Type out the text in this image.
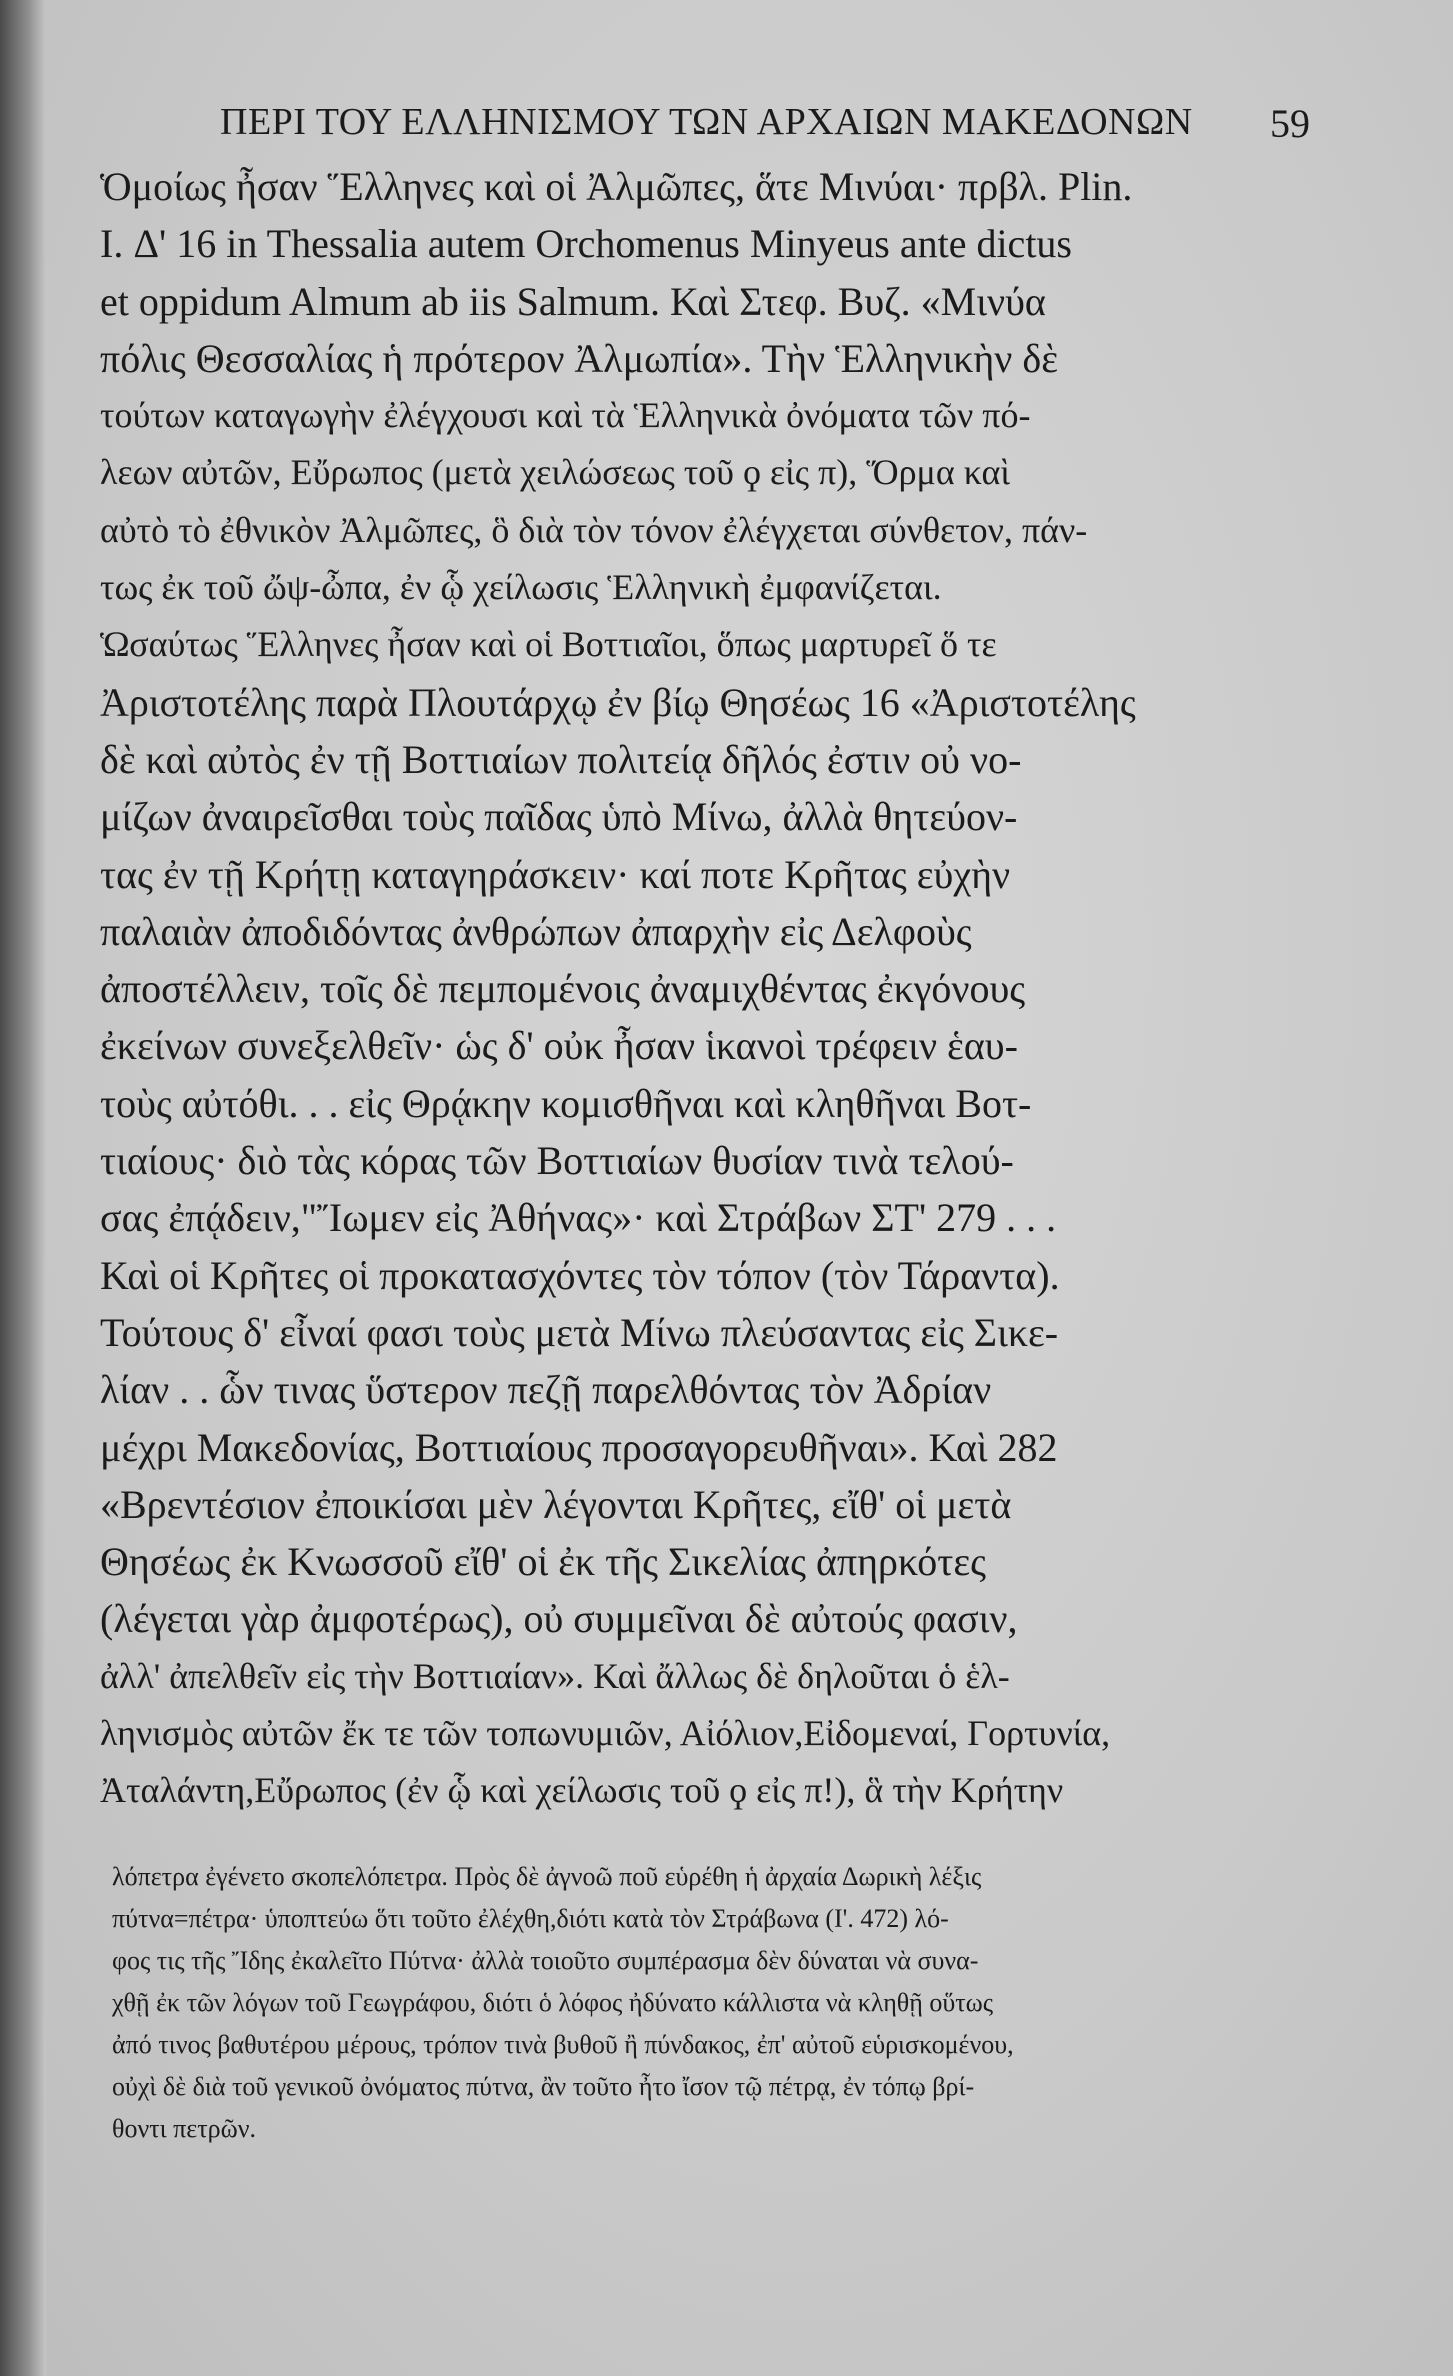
ΠΕΡΙ ΤΟΥ ΕΛΛΗΝΙΣΜΟΥ ΤΩΝ ΑΡΧΑΙΩΝ ΜΑΚΕΔΟΝΩΝ 59
Ὁμοίως ἦσαν Ἕλληνες καὶ οἱ Ἀλμῶπες, ἅτε Μινύαι· πρβλ. Plin.
I. Δ' 16 in Thessalia autem Orchomenus Minyeus ante dictus
et oppidum Almum ab iis Salmum. Καὶ Στεφ. Βυζ. «Μινύα
πόλις Θεσσαλίας ἡ πρότερον Ἀλμωπία». Τὴν Ἑλληνικὴν δὲ
τούτων καταγωγὴν ἐλέγχουσι καὶ τὰ Ἑλληνικὰ ὀνόματα τῶν πό-
λεων αὐτῶν, Εὔρωπος (μετὰ χειλώσεως τοῦ ϙ εἰς π), Ὅρμα καὶ
αὐτὸ τὸ ἐθνικὸν Ἀλμῶπες, ὃ διὰ τὸν τόνον ἐλέγχεται σύνθετον, πάν-
τως ἐκ τοῦ ὤψ-ὦπα, ἐν ᾧ χείλωσις Ἑλληνικὴ ἐμφανίζεται.
Ὡσαύτως Ἕλληνες ἦσαν καὶ οἱ Βοττιαῖοι, ὅπως μαρτυρεῖ ὅ τε
Ἀριστοτέλης παρὰ Πλουτάρχῳ ἐν βίῳ Θησέως 16 «Ἀριστοτέλης
δὲ καὶ αὐτὸς ἐν τῇ Βοττιαίων πολιτείᾳ δῆλός ἐστιν οὐ νο-
μίζων ἀναιρεῖσθαι τοὺς παῖδας ὑπὸ Μίνω, ἀλλὰ θητεύον-
τας ἐν τῇ Κρήτῃ καταγηράσκειν· καί ποτε Κρῆτας εὐχὴν
παλαιὰν ἀποδιδόντας ἀνθρώπων ἀπαρχὴν εἰς Δελφοὺς
ἀποστέλλειν, τοῖς δὲ πεμπομένοις ἀναμιχθέντας ἐκγόνους
ἐκείνων συνεξελθεῖν· ὡς δ' οὐκ ἦσαν ἱκανοὶ τρέφειν ἑαυ-
τοὺς αὐτόθι. . . εἰς Θρᾴκην κομισθῆναι καὶ κληθῆναι Βοτ-
τιαίους· διὸ τὰς κόρας τῶν Βοττιαίων θυσίαν τινὰ τελού-
σας ἐπᾴδειν,"Ἴωμεν εἰς Ἀθήνας»· καὶ Στράβων ΣΤ' 279 . . .
Καὶ οἱ Κρῆτες οἱ προκατασχόντες τὸν τόπον (τὸν Τάραντα).
Τούτους δ' εἶναί φασι τοὺς μετὰ Μίνω πλεύσαντας εἰς Σικε-
λίαν . . ὧν τινας ὕστερον πεζῇ παρελθόντας τὸν Ἀδρίαν
μέχρι Μακεδονίας, Βοττιαίους προσαγορευθῆναι». Καὶ 282
«Βρεντέσιον ἐποικίσαι μὲν λέγονται Κρῆτες, εἴθ' οἱ μετὰ
Θησέως ἐκ Κνωσσοῦ εἴθ' οἱ ἐκ τῆς Σικελίας ἀπηρκότες
(λέγεται γὰρ ἀμφοτέρως), οὐ συμμεῖναι δὲ αὐτούς φασιν,
ἀλλ' ἀπελθεῖν εἰς τὴν Βοττιαίαν». Καὶ ἄλλως δὲ δηλοῦται ὁ ἑλ-
ληνισμὸς αὐτῶν ἔκ τε τῶν τοπωνυμιῶν, Αἰόλιον,Εἰδομεναί, Γορτυνία,
Ἀταλάντη,Εὔρωπος (ἐν ᾧ καὶ χείλωσις τοῦ ϙ εἰς π!), ἃ τὴν Κρήτην
λόπετρα ἐγένετο σκοπελόπετρα. Πρὸς δὲ ἀγνοῶ ποῦ εὑρέθη ἡ ἀρχαία Δωρικὴ λέξις
πύτνα=πέτρα· ὑποπτεύω ὅτι τοῦτο ἐλέχθη,διότι κατὰ τὸν Στράβωνα (Ι'. 472) λό-
φος τις τῆς Ἴδης ἐκαλεῖτο Πύτνα· ἀλλὰ τοιοῦτο συμπέρασμα δὲν δύναται νὰ συνα-
χθῇ ἐκ τῶν λόγων τοῦ Γεωγράφου, διότι ὁ λόφος ἠδύνατο κάλλιστα νὰ κληθῇ οὕτως
ἀπό τινος βαθυτέρου μέρους, τρόπον τινὰ βυθοῦ ἢ πύνδακος, ἐπ' αὐτοῦ εὑρισκομένου,
οὐχὶ δὲ διὰ τοῦ γενικοῦ ὀνόματος πύτνα, ἂν τοῦτο ἦτο ἴσον τῷ πέτρᾳ, ἐν τόπῳ βρί-
θοντι πετρῶν.
